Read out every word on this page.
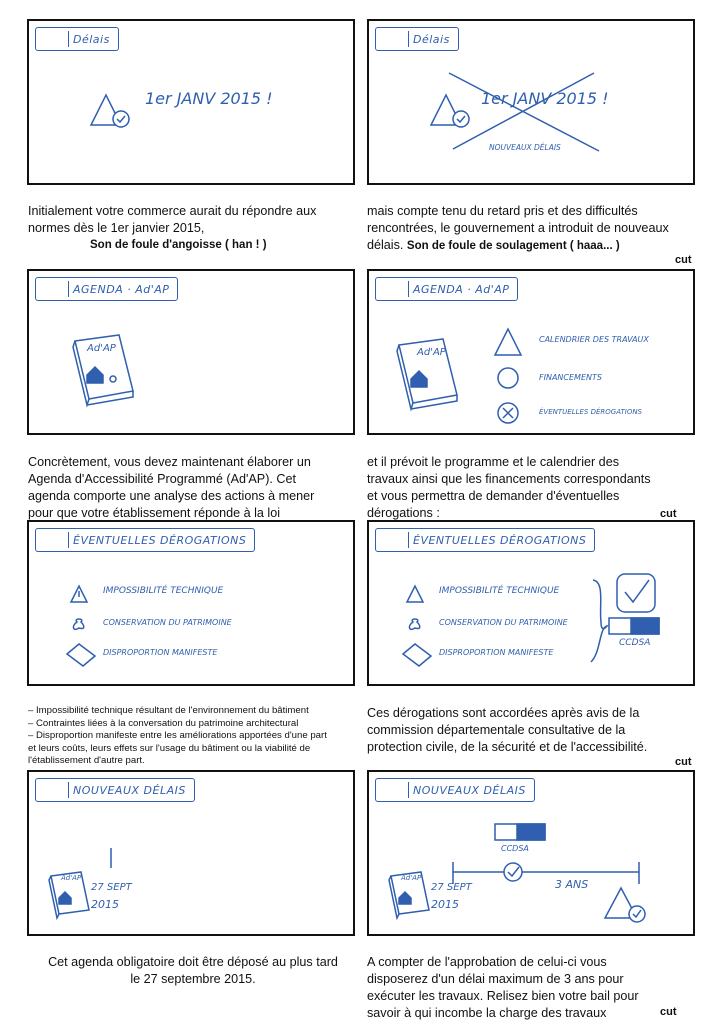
Délais
1er JANV 2015 !
Délais
1er JANV 2015 !
NOUVEAUX DÉLAIS
Initialement votre commerce aurait du répondre aux
normes dès le 1er janvier 2015,
Son de foule d'angoisse ( han ! )
mais compte tenu du retard pris et des difficultés
rencontrées, le gouvernement a introduit de nouveaux
délais. Son de foule de soulagement ( haaa... )
cut
AGENDA · Ad'AP
Ad'AP
AGENDA · Ad'AP
Ad'AP
CALENDRIER DES TRAVAUX
FINANCEMENTS
ÉVENTUELLES DÉROGATIONS
Concrètement, vous devez maintenant élaborer un
Agenda d'Accessibilité Programmé (Ad'AP). Cet
agenda comporte une analyse des actions à mener
pour que votre établissement réponde à la loi
et il prévoit le programme et le calendrier des
travaux ainsi que les financements correspondants
et vous permettra de demander d'éventuelles
dérogations :	cut
ÉVENTUELLES DÉROGATIONS
IMPOSSIBILITÉ TECHNIQUE
CONSERVATION DU PATRIMOINE
DISPROPORTION MANIFESTE
ÉVENTUELLES DÉROGATIONS
IMPOSSIBILITÉ TECHNIQUE
CONSERVATION DU PATRIMOINE
DISPROPORTION MANIFESTE
CCDSA
– Impossibilité technique résultant de l'environnement du bâtiment
– Contraintes liées à la conversation du patrimoine architectural
– Disproportion manifeste entre les améliorations apportées d'une part
et leurs coûts, leurs effets sur l'usage du bâtiment ou la viabilité de
l'établissement d'autre part.
Ces dérogations sont accordées après avis de la
commission départementale consultative de la
protection civile, de la sécurité et de l'accessibilité.
cut
NOUVEAUX DÉLAIS
Ad'AP
27 SEPT
2015
NOUVEAUX DÉLAIS
Ad'AP
27 SEPT
2015
CCDSA
3 ANS
Cet agenda obligatoire doit être déposé au plus tard
le 27 septembre 2015.
A compter de l'approbation de celui-ci vous
disposerez d'un délai maximum de 3 ans pour
exécuter les travaux. Relisez bien votre bail pour
savoir à qui incombe la charge des travaux	cut
